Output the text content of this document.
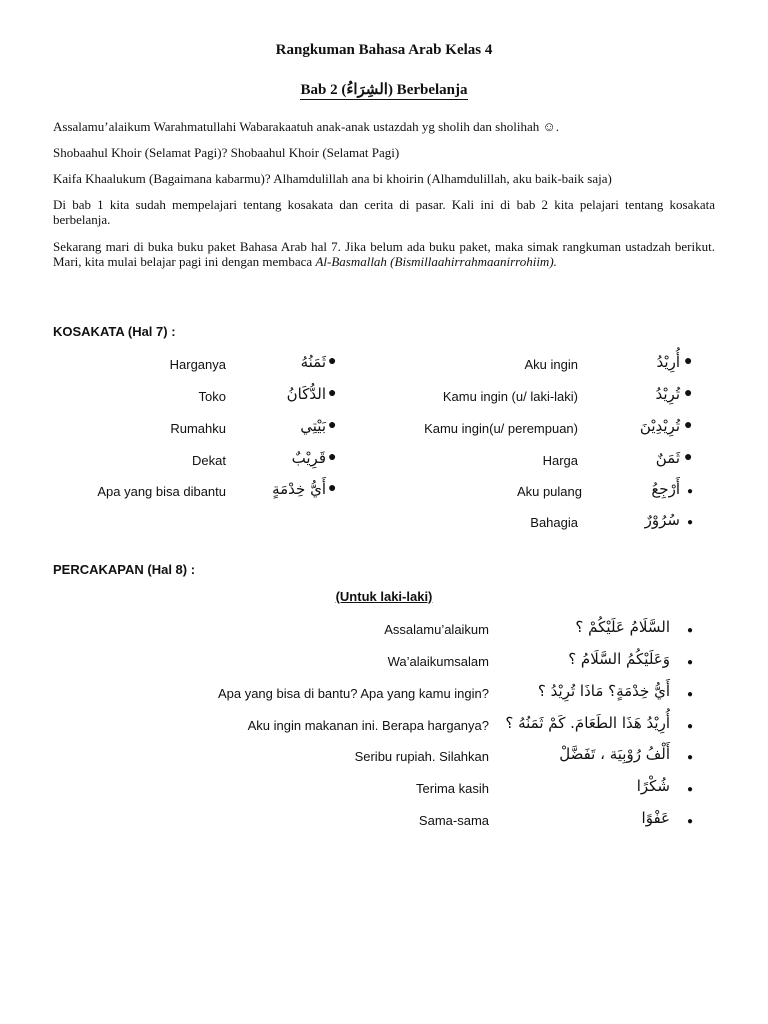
Rangkuman Bahasa Arab Kelas 4
Bab 2 (الشِرَاءُ) Berbelanja
Assalamu’alaikum Warahmatullahi Wabarakaatuh anak-anak ustazdah yg sholih dan sholihah ☺.
Shobaahul Khoir (Selamat Pagi)? Shobaahul Khoir (Selamat Pagi)
Kaifa Khaalukum (Bagaimana kabarmu)? Alhamdulillah ana bi khoirin (Alhamdulillah, aku baik-baik saja)
Di bab 1 kita sudah mempelajari tentang kosakata dan cerita di pasar. Kali ini di bab 2 kita pelajari tentang kosakata berbelanja.
Sekarang mari di buka buku paket Bahasa Arab hal 7. Jika belum ada buku paket, maka simak rangkuman ustadzah berikut. Mari, kita mulai belajar pagi ini dengan membaca Al-Basmallah (Bismillaahirrahmaanirrohiim).
KOSAKATA (Hal 7) :
Harganya	ثَمَنُهُ ●
Toko	الدُّكَانُ ●
Rumahku	بَيْتِي ●
Dekat	قَرِيْبٌ ●
Apa yang bisa dibantu	أَيُّ خِدْمَةٍ ●
Aku ingin	أُرِيْدُ ●
Kamu ingin (u/ laki-laki)	تُرِيْدُ ●
Kamu ingin(u/ perempuan)	تُرِيْدِيْنَ ●
Harga	ثَمَنٌ ●
Aku pulang	أَرْجِعُ ●
Bahagia	سُرُوْرٌ ●
PERCAKAPAN (Hal 8) :
(Untuk laki-laki)
Assalamu’alaikum	السَّلَامُ عَلَيْكُمْ ؟ ●
Wa’alaikumsalam	وَعَلَيْكُمُ السَّلَامُ ؟ ●
Apa yang bisa di bantu? Apa yang kamu ingin?	أَيُّ خِدْمَةٍ؟ مَاذَا تُرِيْدُ ؟ ●
Aku ingin makanan ini. Berapa harganya?	أُرِيْدُ هَذَا الطَعَامَ. كَمْ ثَمَنُهُ ؟ ●
Seribu rupiah. Silahkan	أَلْفُ رُوْبِيَة ، تَفَضَّلْ ●
Terima kasih	شُكْرًا ●
Sama-sama	عَفْوًا ●
